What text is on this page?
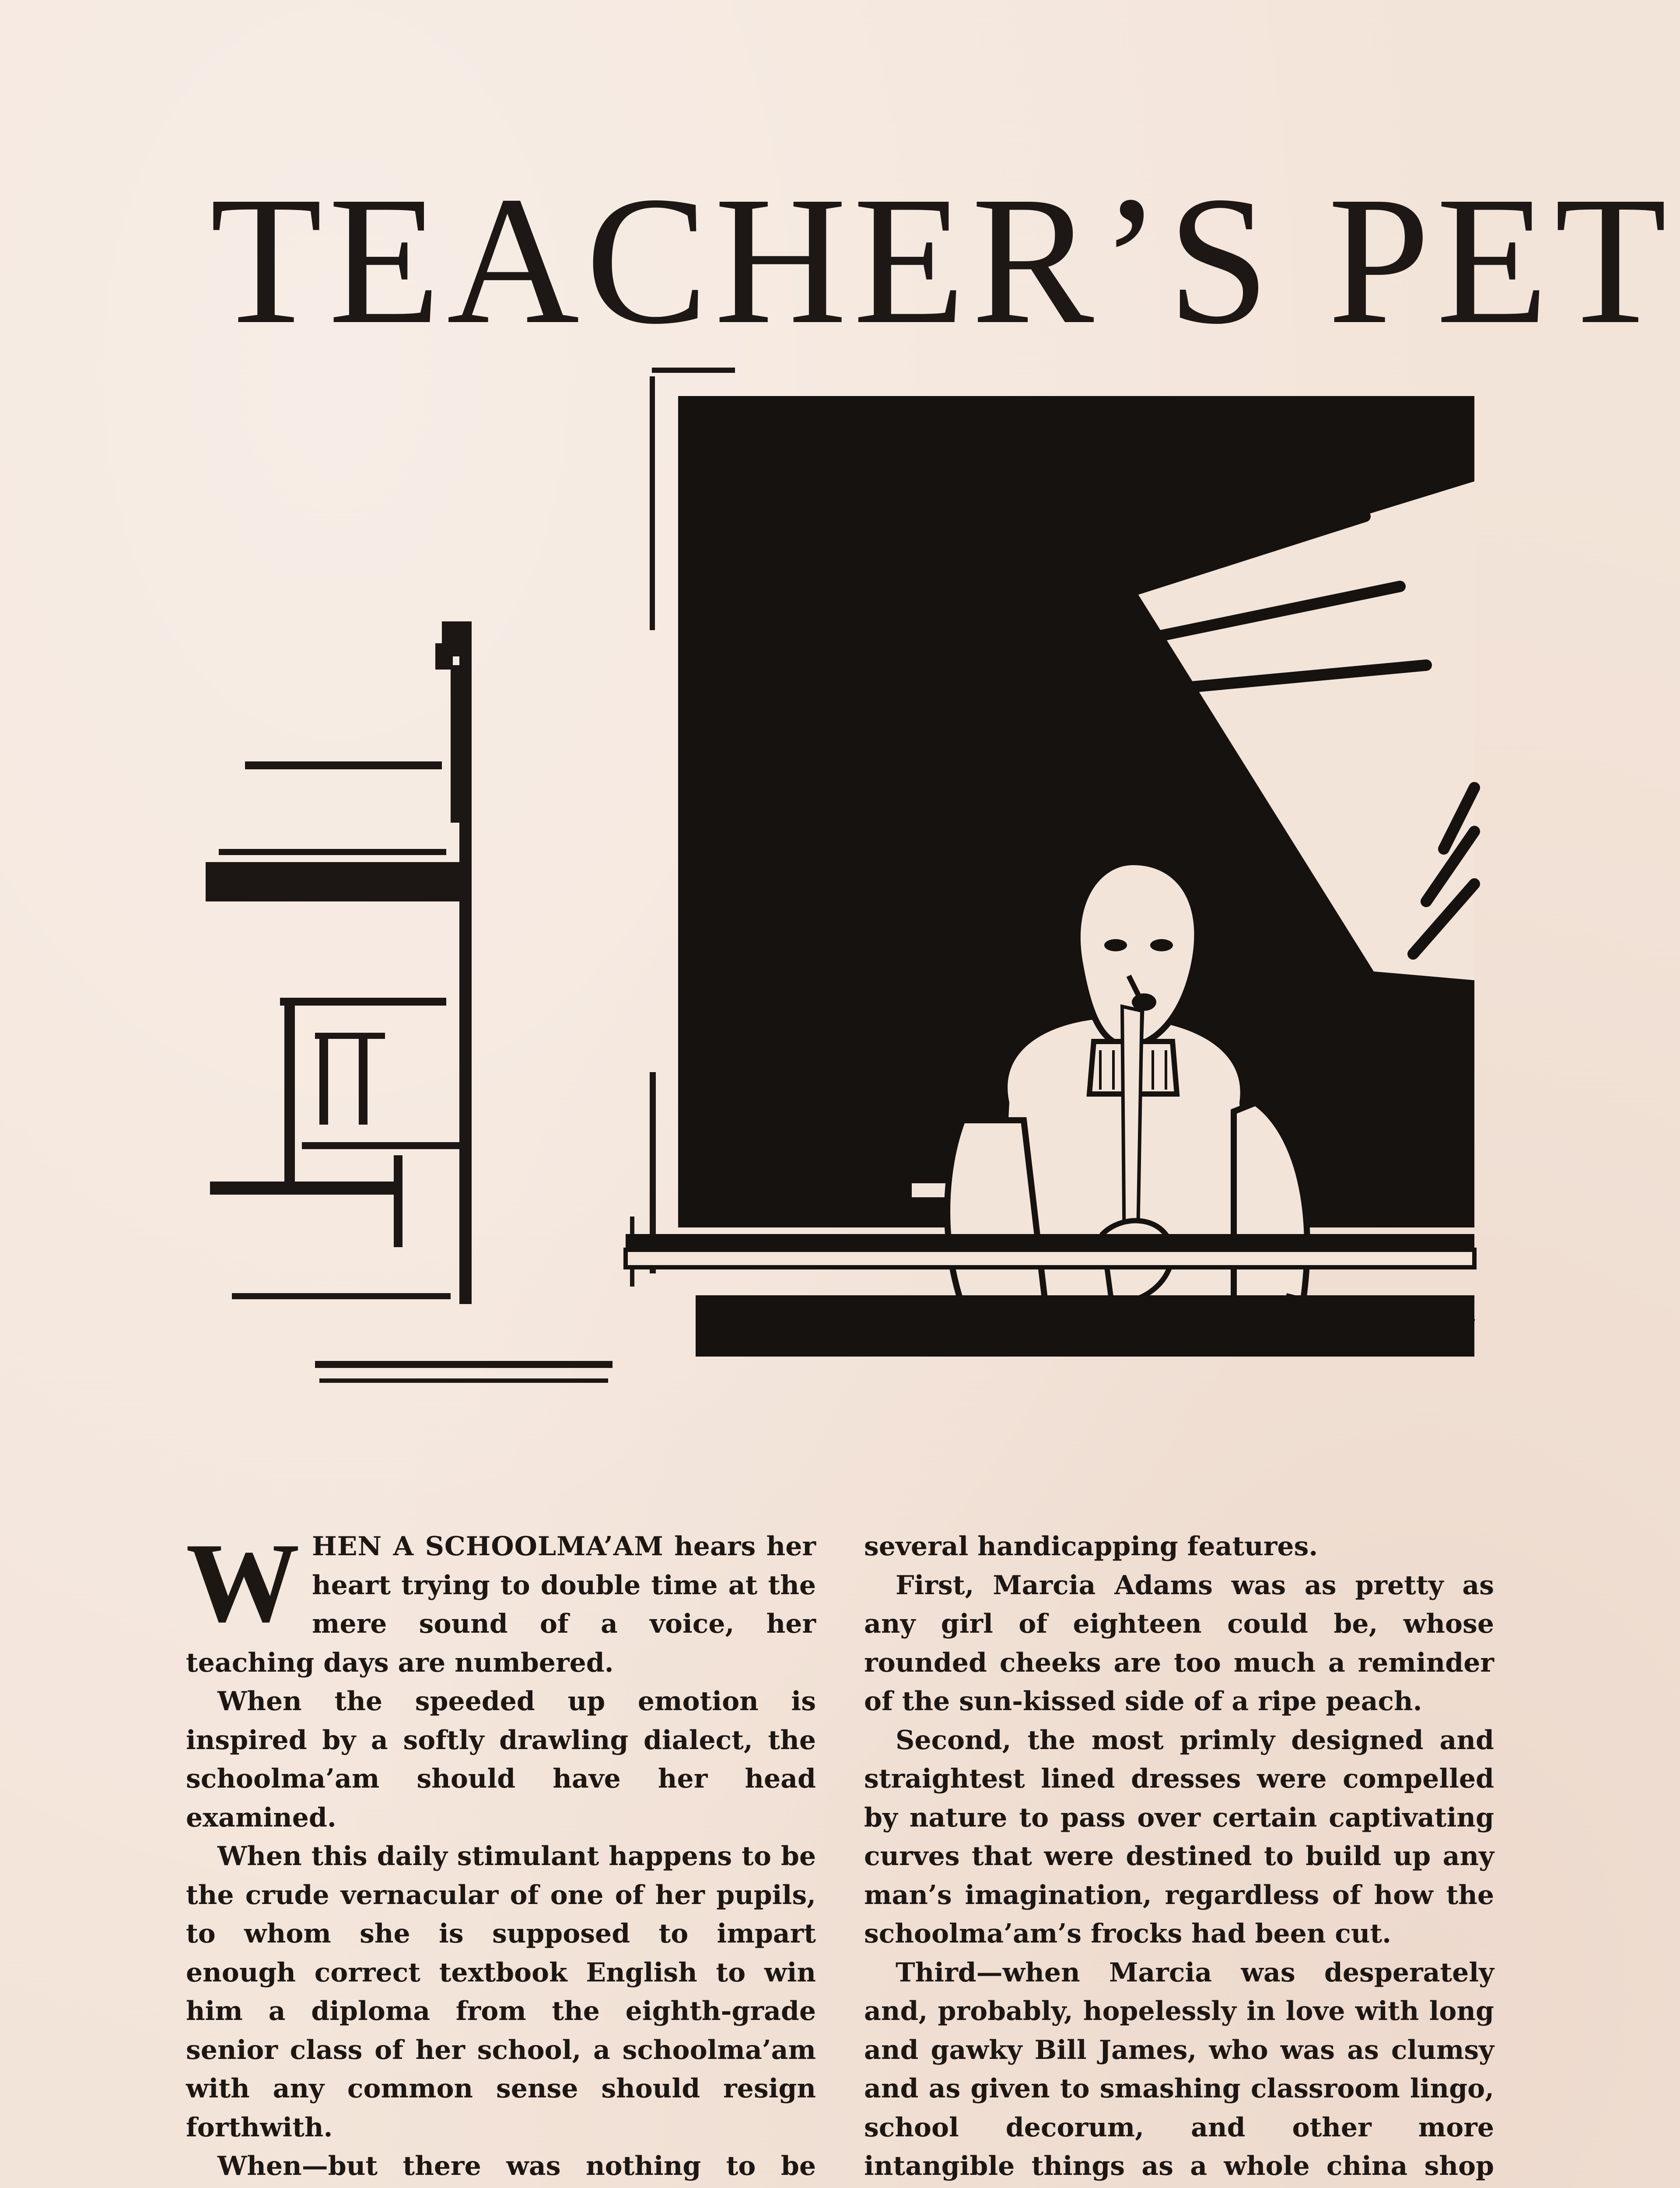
TEACHER’S PET

WHEN A SCHOOLMA’AM hears her heart trying to double time at the mere sound of a voice, her teaching days are numbered.

When the speeded up emotion is inspired by a softly drawling dialect, the schoolma’am should have her head examined.

When this daily stimulant happens to be the crude vernacular of one of her pupils, to whom she is supposed to impart enough correct textbook English to win him a diploma from the eighth-grade senior class of her school, a schoolma’am with any common sense should resign forthwith.

When—but there was nothing to be

several handicapping features.

First, Marcia Adams was as pretty as any girl of eighteen could be, whose rounded cheeks are too much a reminder of the sun-kissed side of a ripe peach.

Second, the most primly designed and straightest lined dresses were compelled by nature to pass over certain captivating curves that were destined to build up any man’s imagination, regardless of how the schoolma’am’s frocks had been cut.

Third—when Marcia was desperately and, probably, hopelessly in love with long and gawky Bill James, who was as clumsy and as given to smashing classroom lingo, school decorum, and other more intangible things as a whole china shop
